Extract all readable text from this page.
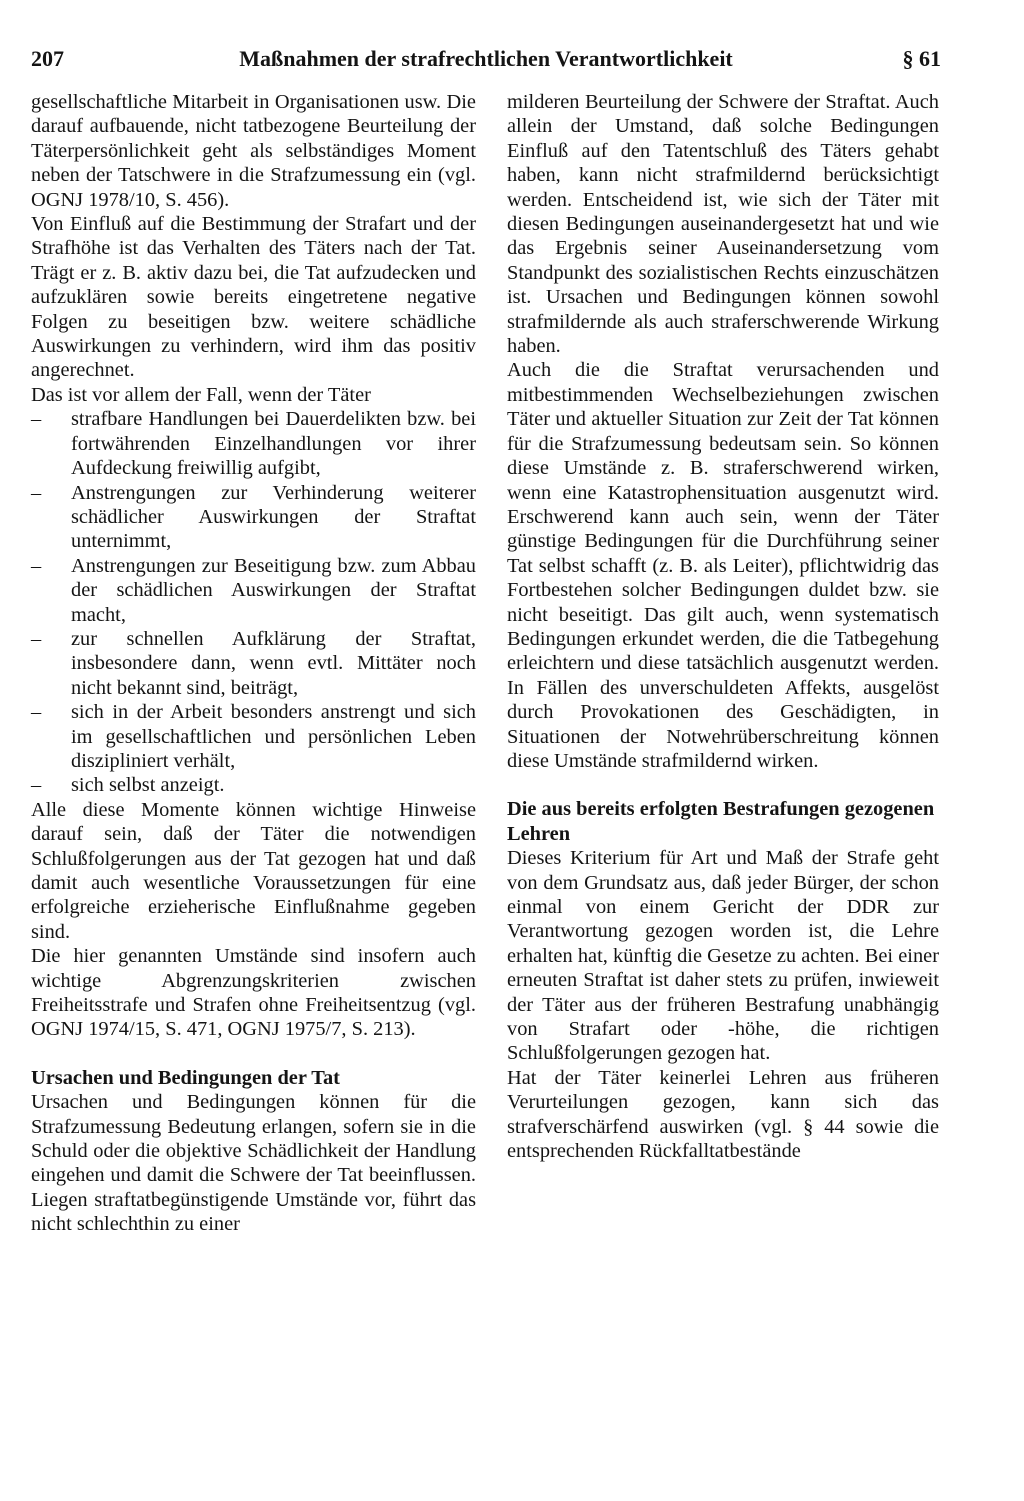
207	Maßnahmen der strafrechtlichen Verantwortlichkeit	§ 61
gesellschaftliche Mitarbeit in Organisationen usw. Die darauf aufbauende, nicht tatbezogene Beurteilung der Täterpersönlichkeit geht als selbständiges Moment neben der Tatschwere in die Strafzumessung ein (vgl. OGNJ 1978/10, S. 456).
Von Einfluß auf die Bestimmung der Strafart und der Strafhöhe ist das Verhalten des Täters nach der Tat. Trägt er z. B. aktiv dazu bei, die Tat aufzudecken und aufzuklären sowie bereits eingetretene negative Folgen zu beseitigen bzw. weitere schädliche Auswirkungen zu verhindern, wird ihm das positiv angerechnet.
Das ist vor allem der Fall, wenn der Täter
– strafbare Handlungen bei Dauerdelikten bzw. bei fortwährenden Einzelhandlungen vor ihrer Aufdeckung freiwillig aufgibt,
– Anstrengungen zur Verhinderung weiterer schädlicher Auswirkungen der Straftat unternimmt,
– Anstrengungen zur Beseitigung bzw. zum Abbau der schädlichen Auswirkungen der Straftat macht,
– zur schnellen Aufklärung der Straftat, insbesondere dann, wenn evtl. Mittäter noch nicht bekannt sind, beiträgt,
– sich in der Arbeit besonders anstrengt und sich im gesellschaftlichen und persönlichen Leben diszipliniert verhält,
– sich selbst anzeigt.
Alle diese Momente können wichtige Hinweise darauf sein, daß der Täter die notwendigen Schlußfolgerungen aus der Tat gezogen hat und daß damit auch wesentliche Voraussetzungen für eine erfolgreiche erzieherische Einflußnahme gegeben sind.
Die hier genannten Umstände sind insofern auch wichtige Abgrenzungskriterien zwischen Freiheitsstrafe und Strafen ohne Freiheitsentzug (vgl. OGNJ 1974/15, S. 471, OGNJ 1975/7, S. 213).
Ursachen und Bedingungen der Tat
Ursachen und Bedingungen können für die Strafzumessung Bedeutung erlangen, sofern sie in die Schuld oder die objektive Schädlichkeit der Handlung eingehen und damit die Schwere der Tat beeinflussen. Liegen straftatbegünstigende Umstände vor, führt das nicht schlechthin zu einer
milderen Beurteilung der Schwere der Straftat. Auch allein der Umstand, daß solche Bedingungen Einfluß auf den Tatentschluß des Täters gehabt haben, kann nicht strafmildernd berücksichtigt werden. Entscheidend ist, wie sich der Täter mit diesen Bedingungen auseinandergesetzt hat und wie das Ergebnis seiner Auseinandersetzung vom Standpunkt des sozialistischen Rechts einzuschätzen ist. Ursachen und Bedingungen können sowohl strafmildernde als auch straferschwerende Wirkung haben.
Auch die die Straftat verursachenden und mitbestimmenden Wechselbeziehungen zwischen Täter und aktueller Situation zur Zeit der Tat können für die Strafzumessung bedeutsam sein. So können diese Umstände z. B. straferschwerend wirken, wenn eine Katastrophensituation ausgenutzt wird. Erschwerend kann auch sein, wenn der Täter günstige Bedingungen für die Durchführung seiner Tat selbst schafft (z. B. als Leiter), pflichtwidrig das Fortbestehen solcher Bedingungen duldet bzw. sie nicht beseitigt. Das gilt auch, wenn systematisch Bedingungen erkundet werden, die die Tatbegehung erleichtern und diese tatsächlich ausgenutzt werden. In Fällen des unverschuldeten Affekts, ausgelöst durch Provokationen des Geschädigten, in Situationen der Notwehrüberschreitung können diese Umstände strafmildernd wirken.
Die aus bereits erfolgten Bestrafungen gezogenen Lehren
Dieses Kriterium für Art und Maß der Strafe geht von dem Grundsatz aus, daß jeder Bürger, der schon einmal von einem Gericht der DDR zur Verantwortung gezogen worden ist, die Lehre erhalten hat, künftig die Gesetze zu achten. Bei einer erneuten Straftat ist daher stets zu prüfen, inwieweit der Täter aus der früheren Bestrafung unabhängig von Strafart oder -höhe, die richtigen Schlußfolgerungen gezogen hat.
Hat der Täter keinerlei Lehren aus früheren Verurteilungen gezogen, kann sich das strafverschärfend auswirken (vgl. § 44 sowie die entsprechenden Rückfalltatbestände
